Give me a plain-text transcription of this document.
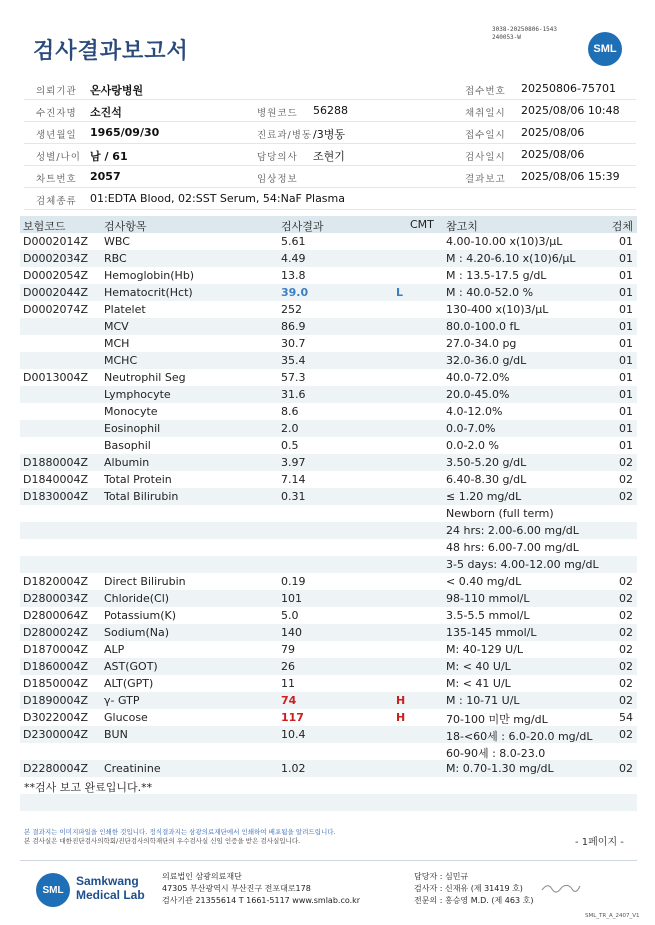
검사결과보고서
3038-20250806-1543
240053-W
SML
의뢰기관 온사랑병원	접수번호 20250806-75701
수진자명 소진석	병원코드 56288	채취일시 2025/08/06 10:48
생년월일 1965/09/30	진료과/병동 /3병동	접수일시 2025/08/06
성별/나이 남 / 61	담당의사 조현기	검사일시 2025/08/06
차트번호 2057	임상정보	결과보고 2025/08/06 15:39
검체종류 01:EDTA Blood, 02:SST Serum, 54:NaF Plasma
보험코드	검사항목	검사결과	CMT 참고치	검체
D0002014Z WBC	5.61	4.00-10.00 x(10)3/μL	01
D0002034Z RBC	4.49	M : 4.20-6.10 x(10)6/μL	01
D0002054Z Hemoglobin(Hb)	13.8	M : 13.5-17.5 g/dL	01
D0002044Z Hematocrit(Hct)	39.0	L	M : 40.0-52.0 %	01
D0002074Z Platelet	252	130-400 x(10)3/μL	01
MCV	86.9	80.0-100.0 fL	01
MCH	30.7	27.0-34.0 pg	01
MCHC	35.4	32.0-36.0 g/dL	01
D0013004Z Neutrophil Seg	57.3	40.0-72.0%	01
Lymphocyte	31.6	20.0-45.0%	01
Monocyte	8.6	4.0-12.0%	01
Eosinophil	2.0	0.0-7.0%	01
Basophil	0.5	0.0-2.0 %	01
D1880004Z Albumin	3.97	3.50-5.20 g/dL	02
D1840004Z Total Protein	7.14	6.40-8.30 g/dL	02
D1830004Z Total Bilirubin	0.31	≤ 1.20 mg/dL	02
Newborn (full term)
24 hrs: 2.00-6.00 mg/dL
48 hrs: 6.00-7.00 mg/dL
3-5 days: 4.00-12.00 mg/dL
D1820004Z Direct Bilirubin	0.19	< 0.40 mg/dL	02
D2800034Z Chloride(Cl)	101	98-110 mmol/L	02
D2800064Z Potassium(K)	5.0	3.5-5.5 mmol/L	02
D2800024Z Sodium(Na)	140	135-145 mmol/L	02
D1870004Z ALP	79	M: 40-129 U/L	02
D1860004Z AST(GOT)	26	M: < 40 U/L	02
D1850004Z ALT(GPT)	11	M: < 41 U/L	02
D1890004Z γ- GTP	74	H	M : 10-71 U/L	02
D3022004Z Glucose	117	H	70-100 미만 mg/dL	54
D2300004Z BUN	10.4	18-<60세 : 6.0-20.0 mg/dL 02
60-90세 : 8.0-23.0
D2280004Z Creatinine	1.02	M: 0.70-1.30 mg/dL	02
**검사 보고 완료입니다.**
본 결과지는 이미지파일을 인쇄한 것입니다. 정식결과지는 삼광의료재단에서 인쇄하여 배포됨을 알려드립니다.
본 검사실은 대한진단검사의학회/진단검사의학재단의 우수검사실 신임 인증을 받은 검사실입니다.	- 1페이지 -
SML
Samkwang
Medical Lab
의료법인 삼광의료재단
47305 부산광역시 부산진구 전포대로178
검사기관 21355614 T 1661-5117 www.smlab.co.kr
담당자 : 심민규
검사자 : 신재유 (제 31419 호)
전문의 : 홍승영 M.D. (제 463 호)
SML_TR_A_2407_V1
